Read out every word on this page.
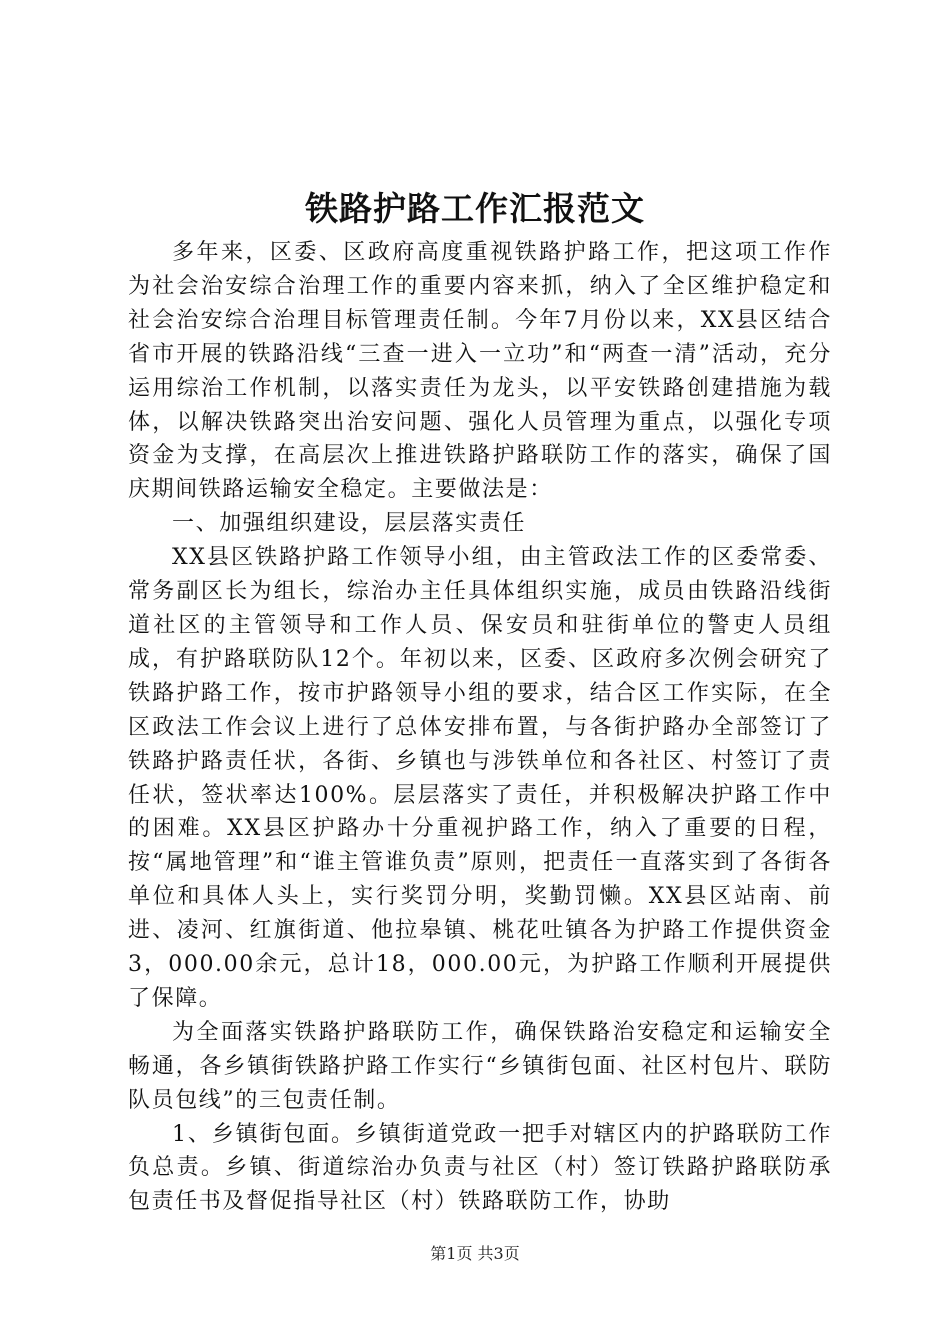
铁路护路工作汇报范文

多年来，区委、区政府高度重视铁路护路工作，把这项工作作为社会治安综合治理工作的重要内容来抓，纳入了全区维护稳定和社会治安综合治理目标管理责任制。今年7月份以来，XX县区结合省市开展的铁路沿线“三查一进入一立功”和“两查一清”活动，充分运用综治工作机制，以落实责任为龙头，以平安铁路创建措施为载体，以解决铁路突出治安问题、强化人员管理为重点，以强化专项资金为支撑，在高层次上推进铁路护路联防工作的落实，确保了国庆期间铁路运输安全稳定。主要做法是：

一、加强组织建设，层层落实责任

XX县区铁路护路工作领导小组，由主管政法工作的区委常委、常务副区长为组长，综治办主任具体组织实施，成员由铁路沿线街道社区的主管领导和工作人员、保安员和驻街单位的警吏人员组成，有护路联防队12个。年初以来，区委、区政府多次例会研究了铁路护路工作，按市护路领导小组的要求，结合区工作实际，在全区政法工作会议上进行了总体安排布置，与各街护路办全部签订了铁路护路责任状，各街、乡镇也与涉铁单位和各社区、村签订了责任状，签状率达100%。层层落实了责任，并积极解决护路工作中的困难。XX县区护路办十分重视护路工作，纳入了重要的日程，按“属地管理”和“谁主管谁负责”原则，把责任一直落实到了各街各单位和具体人头上，实行奖罚分明，奖勤罚懒。XX县区站南、前进、凌河、红旗街道、他拉皋镇、桃花吐镇各为护路工作提供资金3，000.00余元，总计18，000.00元，为护路工作顺利开展提供了保障。

为全面落实铁路护路联防工作，确保铁路治安稳定和运输安全畅通，各乡镇街铁路护路工作实行“乡镇街包面、社区村包片、联防队员包线”的三包责任制。

1、乡镇街包面。乡镇街道党政一把手对辖区内的护路联防工作负总责。乡镇、街道综治办负责与社区（村）签订铁路护路联防承包责任书及督促指导社区（村）铁路联防工作，协助

第1页 共3页
